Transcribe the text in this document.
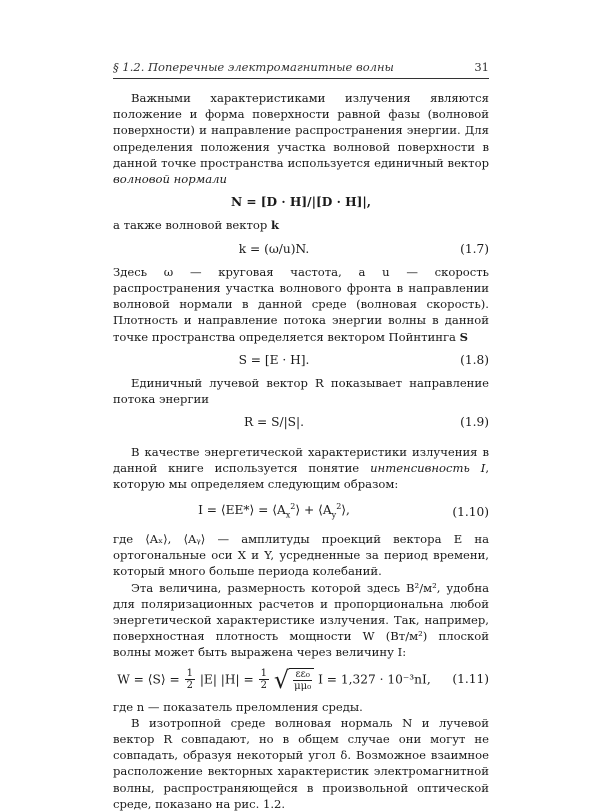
§ 1.2. Поперечные электромагнитные волны	31

Важными характеристиками излучения являются положение и форма поверхности равной фазы (волновой поверхности) и направление распространения энергии. Для определения положения участка волновой поверхности в данной точке пространства используется единичный вектор волновой нормали

N = [D · H]/|[D · H]|,

а также волновой вектор k

k = (ω/u)N.	(1.7)

Здесь ω — круговая частота, а u — скорость распространения участка волнового фронта в направлении волновой нормали в данной среде (волновая скорость). Плотность и направление потока энергии волны в данной точке пространства определяется вектором Пойнтинга S

S = [E · H].	(1.8)

Единичный лучевой вектор R показывает направление потока энергии

R = S/|S|.	(1.9)

В качестве энергетической характеристики излучения в данной книге используется понятие интенсивность I, которую мы определяем следующим образом:

I = ⟨EE*⟩ = $⟨A_x^2⟩$ + $⟨A_y^2⟩$,	(1.10)

где ⟨Aₓ⟩, ⟨Aᵧ⟩ — амплитуды проекций вектора E на ортогональные оси X и Y, усредненные за период времени, который много больше периода колебаний.

Эта величина, размерность которой здесь В²/м², удобна для поляризационных расчетов и пропорциональна любой энергетической характеристике излучения. Так, например, поверхностная плотность мощности W (Вт/м²) плоской волны может быть выражена через величину I:

W = ⟨S⟩ = $\frac{1}{2} |E|$ $|H| = \frac{1}{2}$
√ $\frac{\text{εε₀}}{\text{μμ₀}}$ I = 1,327 · 10⁻³nI,	(1.11)

где n — показатель преломления среды.

В изотропной среде волновая нормаль N и лучевой вектор R совпадают, но в общем случае они могут не совпадать, образуя некоторый угол δ. Возможное взаимное расположение векторных характеристик электромагнитной волны, распространяющейся в произвольной оптической среде, показано на рис. 1.2.
